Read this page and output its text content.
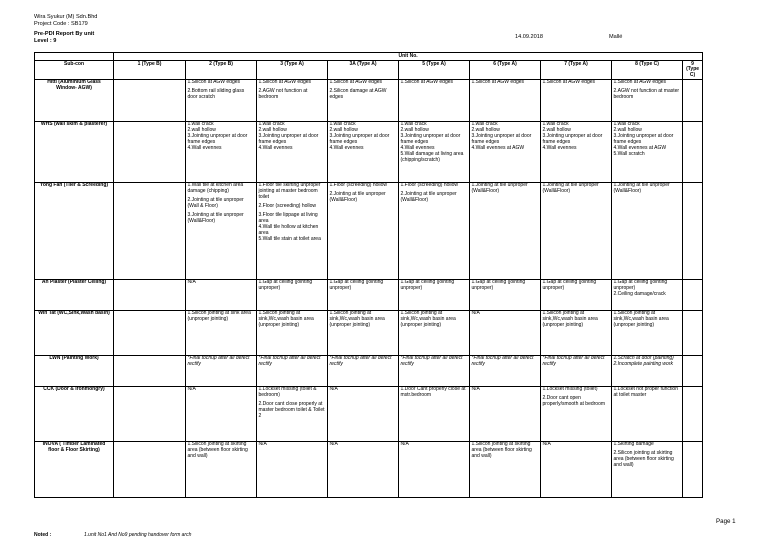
Wira Syukur (M) Sdn.Bhd
Project Code : SB179
Pre-PDI Report By unit
Level : 9
14.09.2018	Mallé
	Unit No.								
Sub-con	1 (Type B)	2 (Type B)	3 (Type A)	3A (Type A)	5 (Type A)	6 (Type A)	7 (Type A)	8 (Type C)	9 (Type C)
Hitti (Aluminium Glass Window- AGW)		1.Silicon at AGW edges
2.Bottom rail sliding glass door scratch	1.Silicon at AGW edges
2.AGW not function at bedroom	1.Silicon at AGW edges
2.Silicon damage at AGW edges	1.Silicon at AGW edges	1.Silicon at AGW edges	1.Silicon at AGW edges	1.Silicon at AGW edges
2.AGW not function at master bedroom	

WHS (wall skim & plasterer)		1.wall crack
2.wall hollow
3.Jointing unproper at door frame edges
4.Wall evennes	1.wall crack
2.wall hollow
3.Jointing unproper at door frame edges
4.Wall evennes	1.wall crack
2.wall hollow
3.Jointing unproper at door frame edges
4.Wall evennes	1.wall crack
2.wall hollow
3.Jointing unproper at door frame edges
4.Wall evennes
5.Wall damage at living area (chipping/scratch)	1.wall crack
2.wall hollow
3.Jointing unproper at door frame edges
4.Wall evennes at AGW	1.wall crack
2.wall hollow
3.Jointing unproper at door frame edges
4.Wall evennes	1.wall crack
2.wall hollow
3.Jointing unproper at door frame edges
4.Wall evennes at AGW
5.Wall scratch	

Yong Fah (Tiler & Screeding)		1.Wall tile at kitchen area damage (chipping)
2.Jointing at tile unproper (Wall & Floor)
3.Jointing at tile unproper (Wall&Floor)	1.Floor tile skirting unproper jointing at master bedroom toilet
2.Floor (screeding) hollow
3.Floor tile lippage at living area
4.Wall tile hollow at kitchen area
5.Wall tile stain at toilet area	1.Floor (screeding) hollow
2.Jointing at tile unproper (Wall&Floor)	1.Floor (screeding) hollow
2.Jointing at tile unproper (Wall&Floor)	1.Jointing at tile unproper (Wall&Floor)	1.Jointing at tile unproper (Wall&Floor)	1.Jointing at tile unproper (Wall&Floor)	

An Plaster (Plaster Ceiling)		N/A	1.Gap at ceiling (jointing unproper)	1.Gap at ceiling (jointing unproper)	1.Gap at ceiling (jointing unproper)	1.Gap at ceiling (jointing unproper)	1.Gap at ceiling (jointing unproper)	1.Gap at ceiling (jointing unproper)
2.Ceiling damage/crack	

Win Tat (WC,Sink,Wash basin)		1.Silicon jointing at sink area (unproper jointing)	1.Silicon jointing at sink,Wc,wash basin area (unproper jointing)	1.Silicon jointing at sink,Wc,wash basin area (unproper jointing)	1.Silicon jointing at sink,Wc,wash basin area (unproper jointing)	N/A	1.Silicon jointing at sink,Wc,wash basin area (unproper jointing)	1.Silicon jointing at sink,Wc,wash basin area (unproper jointing)	

LWN (Painting Work)		*Final tochup after all defect rectify	*Final tochup after all defect rectify	*Final tochup after all defect rectify	*Final tochup after all defect rectify	*Final tochup after all defect rectify	*Final tochup after all defect rectify	1.Scratch at door (painting)
2.Incomplete painting work	

CCK (Door & Ironmongry)		N/A	1.Lockset missing (toilet & bedroom)
2.Door cant close properly at master bedroom toilet & Toilet 2	N/A	1.Door Cant properly close at mstr.bedroom	N/A	1.Lockset missing (toilet)
2.Door cant open properly/smooth at bedroom	1.Lockset not proper function at toilet master	

INOVA ( Timber Laminated floor & Floor Skirting)		1.Silicon jointing at skirting area (between floor skirting and wall)	N/A	N/A	N/A	1.Silicon jointing at skirting area (between floor skirting and wall)	N/A	1.Skirting damage
2.Silicon jointing at skirting area (between floor skirting and wall)	

Noted :	1.unit No1 And No9 pending handover form arch
Page 1
